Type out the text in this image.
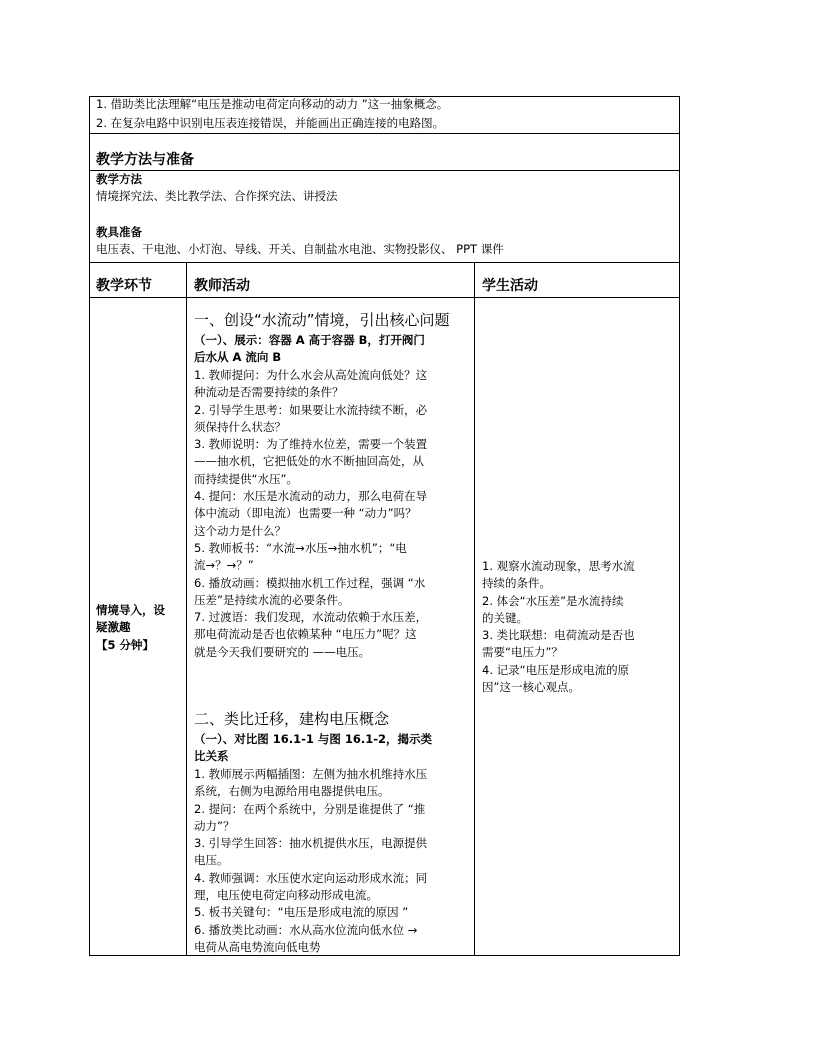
1. 借助类比法理解“电压是推动电荷定向移动的动力 ”这一抽象概念。
2. 在复杂电路中识别电压表连接错误，并能画出正确连接的电路图。
教学方法与准备
教学方法
情境探究法、类比教学法、合作探究法、讲授法
教具准备
电压表、干电池、小灯泡、导线、开关、自制盐水电池、实物投影仪、 PPT 课件
教学环节	教师活动	学生活动

情境导入，设

疑激趣

【5 分钟】

一、创设“水流动”情境，引出核心问题

（一）、展示：容器 A 高于容器 B，打开阀门

后水从 A 流向 B

1. 教师提问：为什么水会从高处流向低处？这

种流动是否需要持续的条件？

2. 引导学生思考：如果要让水流持续不断，必

须保持什么状态？

3. 教师说明：为了维持水位差，需要一个装置

——抽水机，它把低处的水不断抽回高处，从

而持续提供“水压”。

4. 提问：水压是水流动的动力，那么电荷在导

体中流动（即电流）也需要一种 “动力”吗？

这个动力是什么？

5. 教师板书：“水流→水压→抽水机”；“电

流→？→？”

6. 播放动画：模拟抽水机工作过程，强调 “水

压差”是持续水流的必要条件。

7. 过渡语：我们发现，水流动依赖于水压差，

那电荷流动是否也依赖某种 “电压力”呢？这

就是今天我们要研究的 ——电压。

二、类比迁移，建构电压概念

（一）、对比图 16.1-1 与图 16.1-2，揭示类

比关系

1. 教师展示两幅插图：左侧为抽水机维持水压

系统，右侧为电源给用电器提供电压。

2. 提问：在两个系统中，分别是谁提供了 “推

动力”？

3. 引导学生回答：抽水机提供水压，电源提供

电压。

4. 教师强调：水压使水定向运动形成水流；同

理，电压使电荷定向移动形成电流。

5. 板书关键句：“电压是形成电流的原因 ”

6. 播放类比动画：水从高水位流向低水位 →

电荷从高电势流向低电势

1. 观察水流动现象，思考水流

持续的条件。

2. 体会“水压差”是水流持续

的关键。

3. 类比联想：电荷流动是否也

需要“电压力”？

4. 记录“电压是形成电流的原

因”这一核心观点。
